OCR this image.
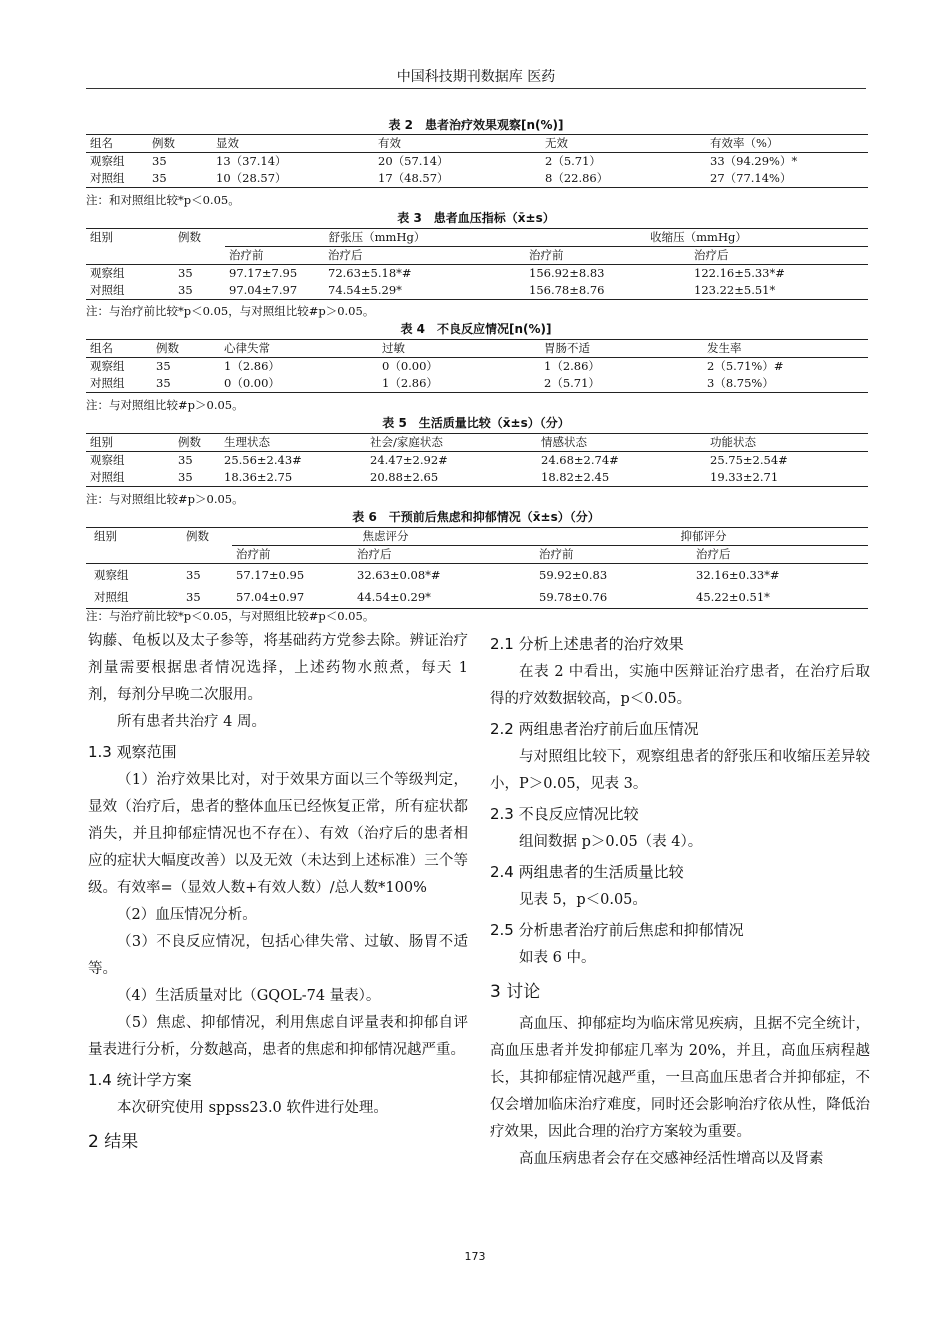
中国科技期刊数据库 医药
表 2　患者治疗效果观察[n(%)]
组名	例数	显效	有效	无效	有效率（%）
观察组	35	13（37.14）	20（57.14）	2（5.71）	33（94.29%）*
对照组	35	10（28.57）	17（48.57）	8（22.86）	27（77.14%）
注：和对照组比较*p＜0.05。
表 3　患者血压指标（x̄±s）
组别	例数	舒张压（mmHg）		收缩压（mmHg）	
		治疗前	治疗后	治疗前	治疗后
观察组	35	97.17±7.95	72.63±5.18*#	156.92±8.83	122.16±5.33*#
对照组	35	97.04±7.97	74.54±5.29*	156.78±8.76	123.22±5.51*
注：与治疗前比较*p＜0.05，与对照组比较#p＞0.05。
表 4　不良反应情况[n(%)]
组名	例数	心律失常	过敏	胃肠不适	发生率
观察组	35	1（2.86）	0（0.00）	1（2.86）	2（5.71%）#
对照组	35	0（0.00）	1（2.86）	2（5.71）	3（8.75%）
注：与对照组比较#p＞0.05。
表 5　生活质量比较（x̄±s）（分）
组别	例数	生理状态	社会/家庭状态	情感状态	功能状态
观察组	35	25.56±2.43#	24.47±2.92#	24.68±2.74#	25.75±2.54#
对照组	35	18.36±2.75	20.88±2.65	18.82±2.45	19.33±2.71
注：与对照组比较#p＞0.05。
表 6　干预前后焦虑和抑郁情况（x̄±s）（分）
组别	例数	焦虑评分		抑郁评分	
		治疗前	治疗后	治疗前	治疗后
观察组	35	57.17±0.95	32.63±0.08*#	59.92±0.83	32.16±0.33*#
对照组	35	57.04±0.97	44.54±0.29*	59.78±0.76	45.22±0.51*
注：与治疗前比较*p＜0.05，与对照组比较#p＜0.05。

钩藤、龟板以及太子参等，将基础药方党参去除。辨证治疗剂量需要根据患者情况选择，上述药物水煎煮，每天 1 剂，每剂分早晚二次服用。

所有患者共治疗 4 周。

1.3 观察范围

（1）治疗效果比对，对于效果方面以三个等级判定，显效（治疗后，患者的整体血压已经恢复正常，所有症状都消失，并且抑郁症情况也不存在）、有效（治疗后的患者相应的症状大幅度改善）以及无效（未达到上述标准）三个等级。有效率=（显效人数+有效人数）/总人数*100%

（2）血压情况分析。

（3）不良反应情况，包括心律失常、过敏、肠胃不适等。

（4）生活质量对比（GQOL-74 量表）。

（5）焦虑、抑郁情况，利用焦虑自评量表和抑郁自评量表进行分析，分数越高，患者的焦虑和抑郁情况越严重。

1.4 统计学方案

本次研究使用 sppss23.0 软件进行处理。

2 结果
2.1 分析上述患者的治疗效果

在表 2 中看出，实施中医辩证治疗患者，在治疗后取得的疗效数据较高，p＜0.05。

2.2 两组患者治疗前后血压情况

与对照组比较下，观察组患者的舒张压和收缩压差异较小，P＞0.05，见表 3。

2.3 不良反应情况比较

组间数据 p＞0.05（表 4）。

2.4 两组患者的生活质量比较

见表 5，p＜0.05。

2.5 分析患者治疗前后焦虑和抑郁情况

如表 6 中。

3 讨论

高血压、抑郁症均为临床常见疾病，且据不完全统计，高血压患者并发抑郁症几率为 20%，并且，高血压病程越长，其抑郁症情况越严重，一旦高血压患者合并抑郁症，不仅会增加临床治疗难度，同时还会影响治疗依从性，降低治疗效果，因此合理的治疗方案较为重要。

高血压病患者会存在交感神经活性增高以及肾素

173
